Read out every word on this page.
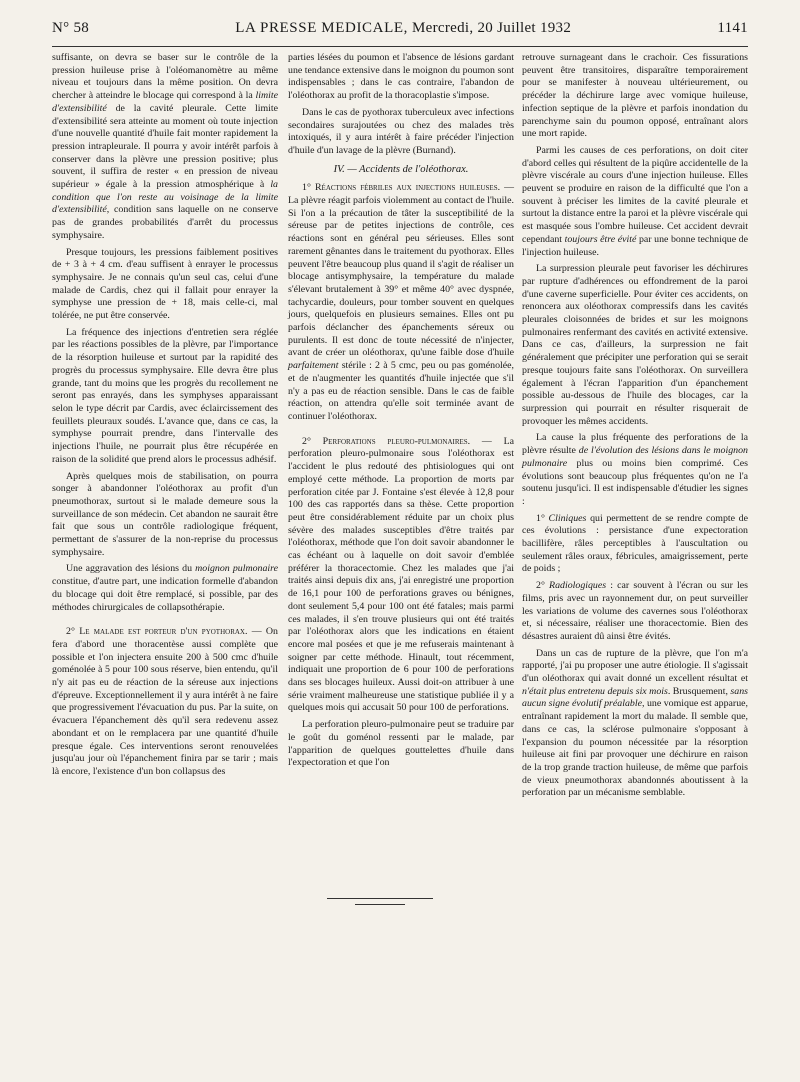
N° 58	LA PRESSE MEDICALE, Mercredi, 20 Juillet 1932	1141

suffisante, on devra se baser sur le contrôle de la pression huileuse prise à l'oléomanomètre au même niveau et toujours dans la même position. On devra chercher à atteindre le blocage qui correspond à la limite d'extensibilité de la cavité pleurale. Cette limite d'extensibilité sera atteinte au moment où toute injection d'une nouvelle quantité d'huile fait monter rapidement la pression intrapleurale. Il pourra y avoir intérêt parfois à conserver dans la plèvre une pression positive; plus souvent, il suffira de rester « en pression de niveau supérieur » égale à la pression atmosphérique à la condition que l'on reste au voisinage de la limite d'extensibilité, condition sans laquelle on ne conserve pas de grandes probabilités d'arrêt du processus symphysaire.

Presque toujours, les pressions faiblement positives de + 3 à + 4 cm. d'eau suffisent à enrayer le processus symphysaire. Je ne connais qu'un seul cas, celui d'une malade de Cardis, chez qui il fallait pour enrayer la symphyse une pression de + 18, mais celle-ci, mal tolérée, ne put être conservée.

La fréquence des injections d'entretien sera réglée par les réactions possibles de la plèvre, par l'importance de la résorption huileuse et surtout par la rapidité des progrès du processus symphysaire. Elle devra être plus grande, tant du moins que les progrès du recollement ne seront pas enrayés, dans les symphyses apparaissant selon le type décrit par Cardis, avec éclaircissement des feuillets pleuraux soudés. L'avance que, dans ce cas, la symphyse pourrait prendre, dans l'intervalle des injections l'huile, ne pourrait plus être récupérée en raison de la solidité que prend alors le processus adhésif.

Après quelques mois de stabilisation, on pourra songer à abandonner l'oléothorax au profit d'un pneumothorax, surtout si le malade demeure sous la surveillance de son médecin. Cet abandon ne saurait être fait que sous un contrôle radiologique fréquent, permettant de s'assurer de la non-reprise du processus symphysaire.

Une aggravation des lésions du moignon pulmonaire constitue, d'autre part, une indication formelle d'abandon du blocage qui doit être remplacé, si possible, par des méthodes chirurgicales de collapsothérapie.

2° Le malade est porteur d'un pyothorax. — On fera d'abord une thoracentèse aussi complète que possible et l'on injectera ensuite 200 à 500 cmc d'huile goménolée à 5 pour 100 sous réserve, bien entendu, qu'il n'y ait pas eu de réaction de la séreuse aux injections d'épreuve. Exceptionnellement il y aura intérêt à ne faire que progressivement l'évacuation du pus. Par la suite, on évacuera l'épanchement dès qu'il sera redevenu assez abondant et on le remplacera par une quantité d'huile presque égale. Ces interventions seront renouvelées jusqu'au jour où l'épanchement finira par se tarir ; mais là encore, l'existence d'un bon collapsus des

parties lésées du poumon et l'absence de lésions gardant une tendance extensive dans le moignon du poumon sont indispensables ; dans le cas contraire, l'abandon de l'oléothorax au profit de la thoracoplastie s'impose.

Dans le cas de pyothorax tuberculeux avec infections secondaires surajoutées ou chez des malades très intoxiqués, il y aura intérêt à faire précéder l'injection d'huile d'un lavage de la plèvre (Burnand).

IV. — Accidents de l'oléothorax.

1° Réactions fébriles aux injections huileuses. — La plèvre réagit parfois violemment au contact de l'huile. Si l'on a la précaution de tâter la susceptibilité de la séreuse par de petites injections de contrôle, ces réactions sont en général peu sérieuses. Elles sont rarement gênantes dans le traitement du pyothorax. Elles peuvent l'être beaucoup plus quand il s'agit de réaliser un blocage antisymphysaire, la température du malade s'élevant brutalement à 39° et même 40° avec dyspnée, tachycardie, douleurs, pour tomber souvent en quelques jours, quelquefois en plusieurs semaines. Elles ont pu parfois déclancher des épanchements séreux ou purulents. Il est donc de toute nécessité de n'injecter, avant de créer un oléothorax, qu'une faible dose d'huile parfaitement stérile : 2 à 5 cmc, peu ou pas goménolée, et de n'augmenter les quantités d'huile injectée que s'il n'y a pas eu de réaction sensible. Dans le cas de faible réaction, on attendra qu'elle soit terminée avant de continuer l'oléothorax.

2° Perforations pleuro-pulmonaires. — La perforation pleuro-pulmonaire sous l'oléothorax est l'accident le plus redouté des phtisiologues qui ont employé cette méthode. La proportion de morts par perforation citée par J. Fontaine s'est élevée à 12,8 pour 100 des cas rapportés dans sa thèse. Cette proportion peut être considérablement réduite par un choix plus sévère des malades susceptibles d'être traités par l'oléothorax, méthode que l'on doit savoir abandonner le cas échéant ou à laquelle on doit savoir d'emblée préférer la thoracectomie. Chez les malades que j'ai traités ainsi depuis dix ans, j'ai enregistré une proportion de 16,1 pour 100 de perforations graves ou bénignes, dont seulement 5,4 pour 100 ont été fatales; mais parmi ces malades, il s'en trouve plusieurs qui ont été traités par l'oléothorax alors que les indications en étaient encore mal posées et que je me refuserais maintenant à soigner par cette méthode. Hinault, tout récemment, indiquait une proportion de 6 pour 100 de perforations dans ses blocages huileux. Aussi doit-on attribuer à une série vraiment malheureuse une statistique publiée il y a quelques mois qui accusait 50 pour 100 de perforations.

La perforation pleuro-pulmonaire peut se traduire par le goût du goménol ressenti par le malade, par l'apparition de quelques gouttelettes d'huile dans l'expectoration et que l'on

retrouve surnageant dans le crachoir. Ces fissurations peuvent être transitoires, disparaître temporairement pour se manifester à nouveau ultérieurement, ou précéder la déchirure large avec vomique huileuse, infection septique de la plèvre et parfois inondation du parenchyme sain du poumon opposé, entraînant alors une mort rapide.

Parmi les causes de ces perforations, on doit citer d'abord celles qui résultent de la piqûre accidentelle de la plèvre viscérale au cours d'une injection huileuse. Elles peuvent se produire en raison de la difficulté que l'on a souvent à préciser les limites de la cavité pleurale et surtout la distance entre la paroi et la plèvre viscérale qui est masquée sous l'ombre huileuse. Cet accident devrait cependant toujours être évité par une bonne technique de l'injection huileuse.

La surpression pleurale peut favoriser les déchirures par rupture d'adhérences ou effondrement de la paroi d'une caverne superficielle. Pour éviter ces accidents, on renoncera aux oléothorax compressifs dans les cavités pleurales cloisonnées de brides et sur les moignons pulmonaires renfermant des cavités en activité extensive. Dans ce cas, d'ailleurs, la surpression ne fait généralement que précipiter une perforation qui se serait presque toujours faite sans l'oléothorax. On surveillera également à l'écran l'apparition d'un épanchement possible au-dessous de l'huile des blocages, car la surpression qui pourrait en résulter risquerait de provoquer les mêmes accidents.

La cause la plus fréquente des perforations de la plèvre résulte de l'évolution des lésions dans le moignon pulmonaire plus ou moins bien comprimé. Ces évolutions sont beaucoup plus fréquentes qu'on ne l'a soutenu jusqu'ici. Il est indispensable d'étudier les signes :

1° Cliniques qui permettent de se rendre compte de ces évolutions : persistance d'une expectoration bacillifère, râles perceptibles à l'auscultation ou seulement râles oraux, fébricules, amaigrissement, perte de poids ;

2° Radiologiques : car souvent à l'écran ou sur les films, pris avec un rayonnement dur, on peut surveiller les variations de volume des cavernes sous l'oléothorax et, si nécessaire, réaliser une thoracectomie. Bien des désastres auraient dû ainsi être évités.

Dans un cas de rupture de la plèvre, que l'on m'a rapporté, j'ai pu proposer une autre étiologie. Il s'agissait d'un oléothorax qui avait donné un excellent résultat et n'était plus entretenu depuis six mois. Brusquement, sans aucun signe évolutif préalable, une vomique est apparue, entraînant rapidement la mort du malade. Il semble que, dans ce cas, la sclérose pulmonaire s'opposant à l'expansion du poumon nécessitée par la résorption huileuse ait fini par provoquer une déchirure en raison de la trop grande traction huileuse, de même que parfois de vieux pneumothorax abandonnés aboutissent à la perforation par un mécanisme semblable.
